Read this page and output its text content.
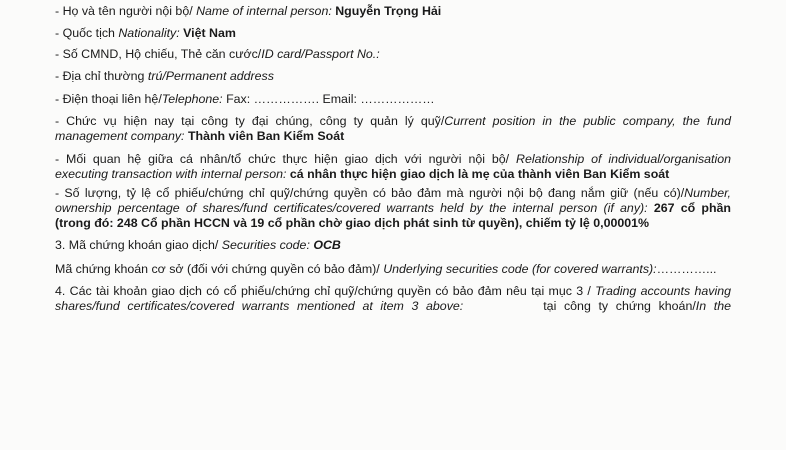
- Họ và tên người nội bộ/ Name of internal person: Nguyễn Trọng Hải
- Quốc tịch Nationality: Việt Nam
- Số CMND, Hộ chiếu, Thẻ căn cước/ID card/Passport No.:
- Địa chỉ thường trú/Permanent address
- Điện thoại liên hệ/Telephone: Fax: ……………. Email: ………………
- Chức vụ hiện nay tại công ty đại chúng, công ty quản lý quỹ/Current position in the public company, the fund
management company: Thành viên Ban Kiểm Soát
- Mối quan hệ giữa cá nhân/tổ chức thực hiện giao dịch với người nội bộ/ Relationship of individual/organisation
executing transaction with internal person: cá nhân thực hiện giao dịch là mẹ của thành viên Ban Kiểm soát
- Số lượng, tỷ lệ cổ phiếu/chứng chỉ quỹ/chứng quyền có bảo đảm mà người nội bộ đang nắm giữ (nếu có)/Number,
ownership percentage of shares/fund certificates/covered warrants held by the internal person (if any): 267 cổ phần
(trong đó: 248 Cổ phần HCCN và 19 cổ phần chờ giao dịch phát sinh từ quyền), chiếm tỷ lệ 0,00001%
3. Mã chứng khoán giao dịch/ Securities code: OCB
Mã chứng khoán cơ sở (đối với chứng quyền có bảo đảm)/ Underlying securities code (for covered warrants):…………...
4. Các tài khoản giao dịch có cổ phiếu/chứng chỉ quỹ/chứng quyền có bảo đảm nêu tại mục 3 / Trading accounts having
shares/fund certificates/covered warrants mentioned at item 3 above:	tại công ty chứng khoán/In the
